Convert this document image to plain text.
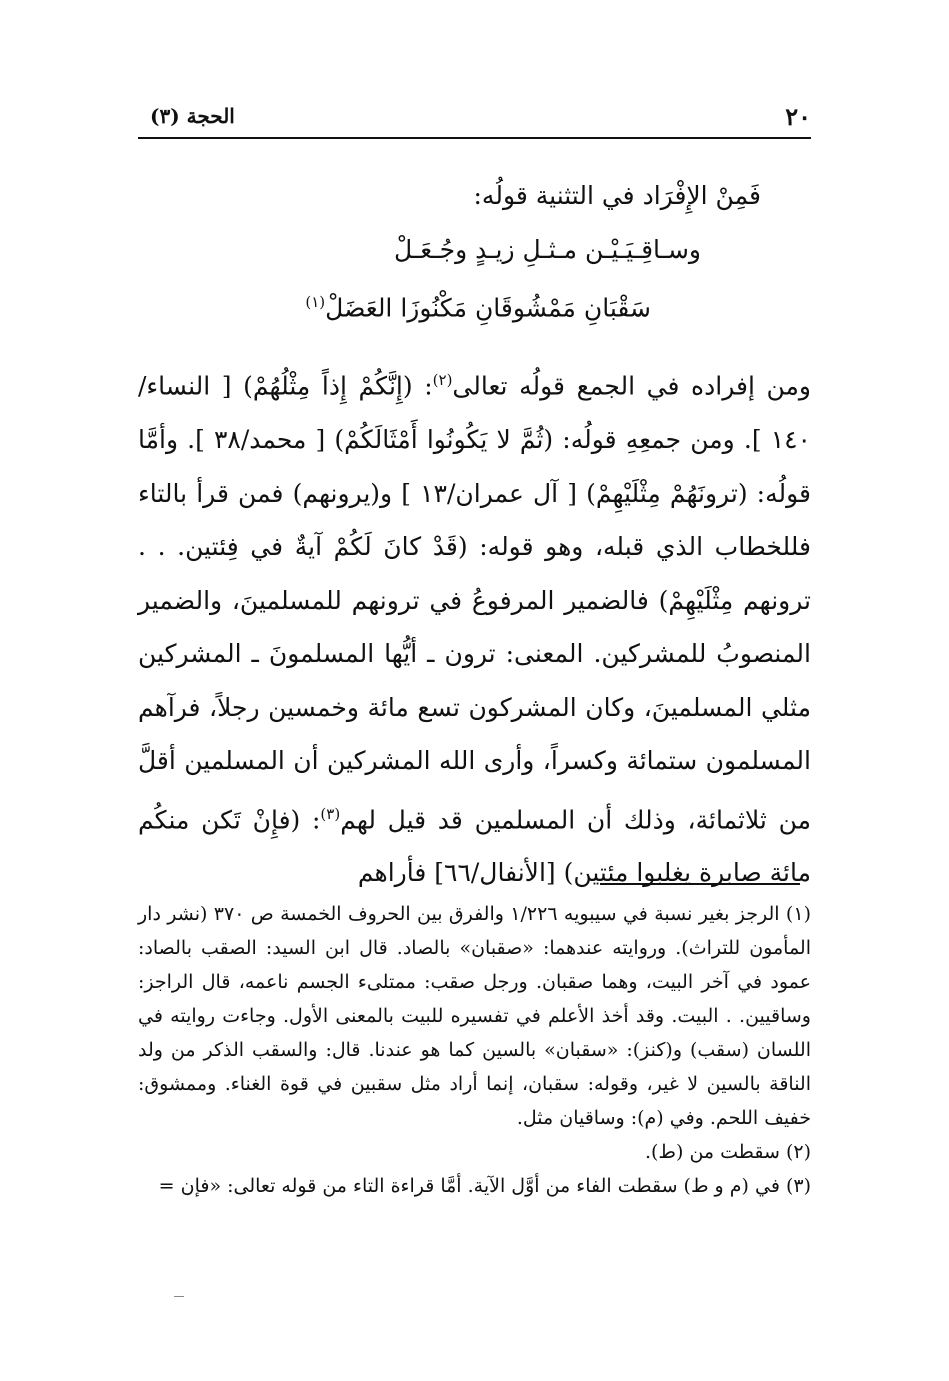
٢٠
الحجة (٣)
فَمِنْ الإِفْرَاد في التثنية قولُه:
وسـاقِـيَـيْـن مـثـلِ زيـدٍ وجُـعَـلْ
سَقْبَانِ مَمْشُوقَانِ مَكْنُوزَا العَضَلْ$^{(١)}$

ومن إفراده في الجمع قولُه تعالى$^{(٢)}$: (إِنَّكُمْ إِذاً مِثْلُهُمْ) [ النساء/١٤٠ ]. ومن جمعِهِ قولُه: (ثُمَّ لا يَكُونُوا أَمْثَالَكُمْ) [ محمد/٣٨ ]. وأمَّا قولُه: (ترونَهُمْ مِثْلَيْهِمْ) [ آل عمران/١٣ ] و(يرونهم) فمن قرأ بالتاء فللخطاب الذي قبله، وهو قوله: (قَدْ كانَ لَكُمْ آيةٌ في فِئتين. . . ترونهم مِثْلَيْهِمْ) فالضمير المرفوعُ في ترونهم للمسلمينَ، والضمير المنصوبُ للمشركين. المعنى: ترون ـ أيُّها المسلمونَ ـ المشركين مثلي المسلمينَ، وكان المشركون تسع مائة وخمسين رجلاً، فرآهم المسلمون ستمائة وكسراً، وأرى الله المشركين أن المسلمين أقلَّ من ثلاثمائة، وذلك أن المسلمين قد قيل لهم$^{(٣)}$: (فإِنْ تَكن منكُم مائة صابرة يغلبوا مئتين) [الأنفال/٦٦] فأراهم

(١) الرجز بغير نسبة في سيبويه ١/٢٢٦ والفرق بين الحروف الخمسة ص ٣٧٠ (نشر دار المأمون للتراث). وروايته عندهما: «صقبان» بالصاد. قال ابن السيد: الصقب بالصاد: عمود في آخر البيت، وهما صقبان. ورجل صقب: ممتلىء الجسم ناعمه، قال الراجز: وساقيين. . البيت. وقد أخذ الأعلم في تفسيره للبيت بالمعنى الأول. وجاءت روايته في اللسان (سقب) و(كنز): «سقبان» بالسين كما هو عندنا. قال: والسقب الذكر من ولد الناقة بالسين لا غير، وقوله: سقبان، إنما أراد مثل سقبين في قوة الغناء. وممشوق: خفيف اللحم. وفي (م): وساقيان مثل.

(٢) سقطت من (ط).

(٣) في (م و ط) سقطت الفاء من أوَّل الآية. أمَّا قراءة التاء من قوله تعالى: «فإن =
